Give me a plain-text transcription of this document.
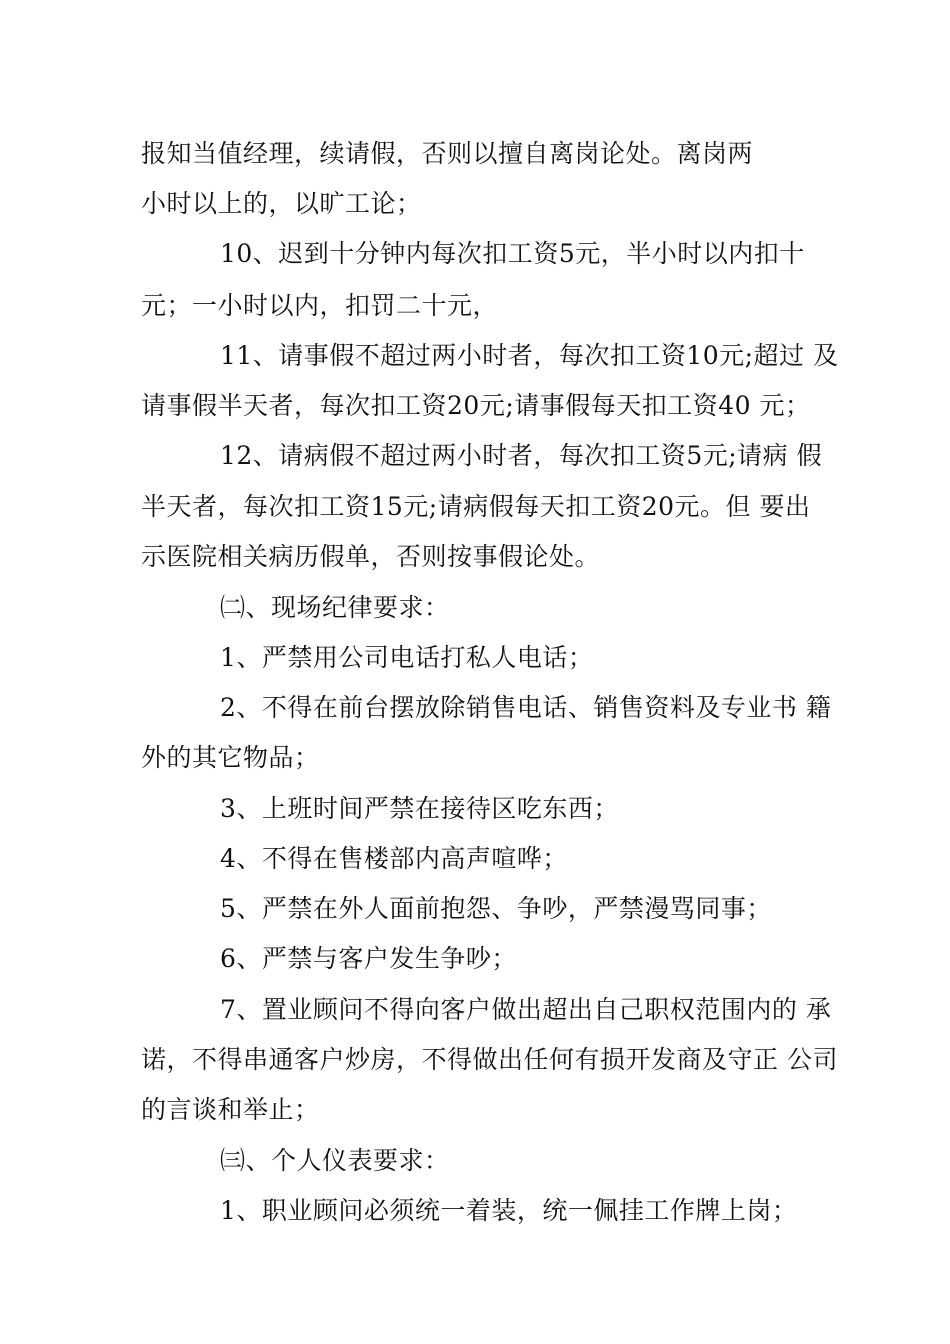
报知当值经理，续请假，否则以擅自离岗论处。离岗两
小时以上的，以旷工论；
10、迟到十分钟内每次扣工资5元，半小时以内扣十
元；一小时以内，扣罚二十元，
11、请事假不超过两小时者，每次扣工资10元;超过 及
请事假半天者，每次扣工资20元;请事假每天扣工资40 元；
12、请病假不超过两小时者，每次扣工资5元;请病 假
半天者，每次扣工资15元;请病假每天扣工资20元。但 要出
示医院相关病历假单，否则按事假论处。
㈡、现场纪律要求：
1、严禁用公司电话打私人电话；
2、不得在前台摆放除销售电话、销售资料及专业书 籍
外的其它物品；
3、上班时间严禁在接待区吃东西；
4、不得在售楼部内高声喧哗；
5、严禁在外人面前抱怨、争吵，严禁漫骂同事；
6、严禁与客户发生争吵；
7、置业顾问不得向客户做出超出自己职权范围内的 承
诺，不得串通客户炒房，不得做出任何有损开发商及守正 公司
的言谈和举止；
㈢、个人仪表要求：
1、职业顾问必须统一着装，统一佩挂工作牌上岗；
